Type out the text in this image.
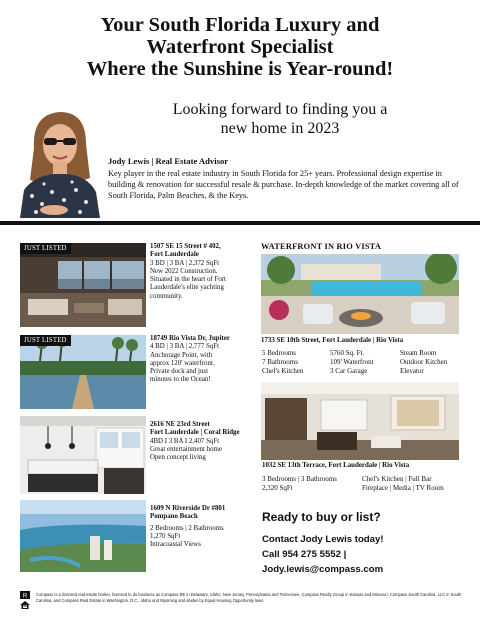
Your South Florida Luxury and
Waterfront Specialist
Where the Sunshine is Year-round!
Looking forward to finding you a
new home in 2023
Jody Lewis | Real Estate Advisor
Key player in the real estate industry in South Florida for 25+ years. Professional design expertise in building & renovation for successful resale & purchase. In-depth knowledge of the market covering all of South Florida, Palm Beaches, & the Keys.
JUST LISTED	1507 SE 15 Street # 402,
Fort Lauderdale
3 BD | 3 BA | 2,372 SqFt
New 2022 Construction.
Situated in the heart of Fort
Lauderdale's elite yachting
community.
JUST LISTED	18749 Rio Vista Dr, Jupiter
4 BD | 3 BA | 2,777 SqFt
Anchorage Point, with
approx 120' waterfront.
Private dock and just
minutes to the Ocean!
2616 NE 23rd Street
Fort Lauderdale | Coral Ridge
4BD I 3 BA I 2,407 SqFt
Great entertainment home
Open concept living
1609 N Riverside Dr #801
Pompano Beach
2 Bedrooms | 2 Bathrooms
1,270 SqFt
Intracoastal Views
WATERFRONT IN RIO VISTA
1733 SE 10th Street, Fort Lauderdale | Rio Vista
5 Bedrooms	5760 Sq. Ft.	Steam Room
7 Bathrooms	109' Waterfront	Outdoor Kitchen
Chef's Kitchen	3 Car Garage	Elevator
1032 SE 13th Terrace, Fort Lauderdale | Rio Vista
3 Bedrooms | 3 Bathrooms	Chef's Kitchen | Full Bar
2,320 SqFt	Fireplace | Media | TV Room
Ready to buy or list?
Contact Jody Lewis today!
Call 954 275 5552 |
Jody.lewis@compass.com
R Compass is a licensed real estate broker, licensed to do business as Compass RE in Delaware, Idaho, New Jersey, Pennsylvania and Tennessee, Compass Realty Group in Kansas and Missouri, Compass South Carolina, LLC in South Carolina, and Compass Real Estate in Washington, D.C., Idaho and Wyoming and abides by Equal Housing Opportunity laws.
